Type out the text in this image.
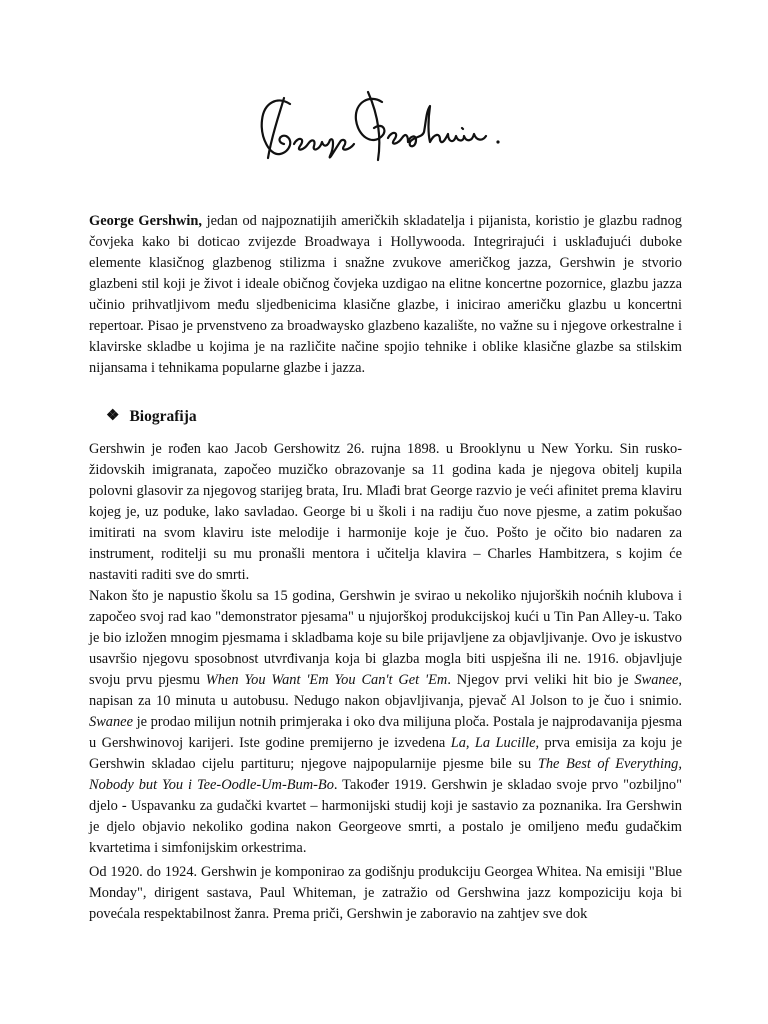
George Gershwin, jedan od najpoznatijih američkih skladatelja i pijanista, koristio je glazbu radnog čovjeka kako bi doticao zvijezde Broadwaya i Hollywooda. Integrirajući i usklađujući duboke elemente klasičnog glazbenog stilizma i snažne zvukove američkog jazza, Gershwin je stvorio glazbeni stil koji je život i ideale običnog čovjeka uzdigao na elitne koncertne pozornice, glazbu jazza učinio prihvatljivom među sljedbenicima klasične glazbe, i inicirao američku glazbu u koncertni repertoar. Pisao je prvenstveno za broadwaysko glazbeno kazalište, no važne su i njegove orkestralne i klavirske skladbe u kojima je na različite načine spojio tehnike i oblike klasične glazbe sa stilskim nijansama i tehnikama popularne glazbe i jazza.

❖ Biografija

Gershwin je rođen kao Jacob Gershowitz 26. rujna 1898. u Brooklynu u New Yorku. Sin rusko-židovskih imigranata, započeo muzičko obrazovanje sa 11 godina kada je njegova obitelj kupila polovni glasovir za njegovog starijeg brata, Iru. Mlađi brat George razvio je veći afinitet prema klaviru kojeg je, uz poduke, lako savladao. George bi u školi i na radiju čuo nove pjesme, a zatim pokušao imitirati na svom klaviru iste melodije i harmonije koje je čuo. Pošto je očito bio nadaren za instrument, roditelji su mu pronašli mentora i učitelja klavira – Charles Hambitzera, s kojim će nastaviti raditi sve do smrti.

Nakon što je napustio školu sa 15 godina, Gershwin je svirao u nekoliko njujorških noćnih klubova i započeo svoj rad kao "demonstrator pjesama" u njujorškoj produkcijskoj kući u Tin Pan Alley-u. Tako je bio izložen mnogim pjesmama i skladbama koje su bile prijavljene za objavljivanje. Ovo je iskustvo usavršio njegovu sposobnost utvrđivanja koja bi glazba mogla biti uspješna ili ne. 1916. objavljuje svoju prvu pjesmu When You Want 'Em You Can't Get 'Em. Njegov prvi veliki hit bio je Swanee, napisan za 10 minuta u autobusu. Nedugo nakon objavljivanja, pjevač Al Jolson to je čuo i snimio. Swanee je prodao milijun notnih primjeraka i oko dva milijuna ploča. Postala je najprodavanija pjesma u Gershwinovoj karijeri. Iste godine premijerno je izvedena La, La Lucille, prva emisija za koju je Gershwin skladao cijelu partituru; njegove najpopularnije pjesme bile su The Best of Everything, Nobody but You i Tee-Oodle-Um-Bum-Bo. Također 1919. Gershwin je skladao svoje prvo "ozbiljno" djelo - Uspavanku za gudački kvartet – harmonijski studij koji je sastavio za poznanika. Ira Gershwin je djelo objavio nekoliko godina nakon Georgeove smrti, a postalo je omiljeno među gudačkim kvartetima i simfonijskim orkestrima.

Od 1920. do 1924. Gershwin je komponirao za godišnju produkciju Georgea Whitea. Na emisiji "Blue Monday", dirigent sastava, Paul Whiteman, je zatražio od Gershwina jazz kompoziciju koja bi povećala respektabilnost žanra. Prema priči, Gershwin je zaboravio na zahtjev sve dok
